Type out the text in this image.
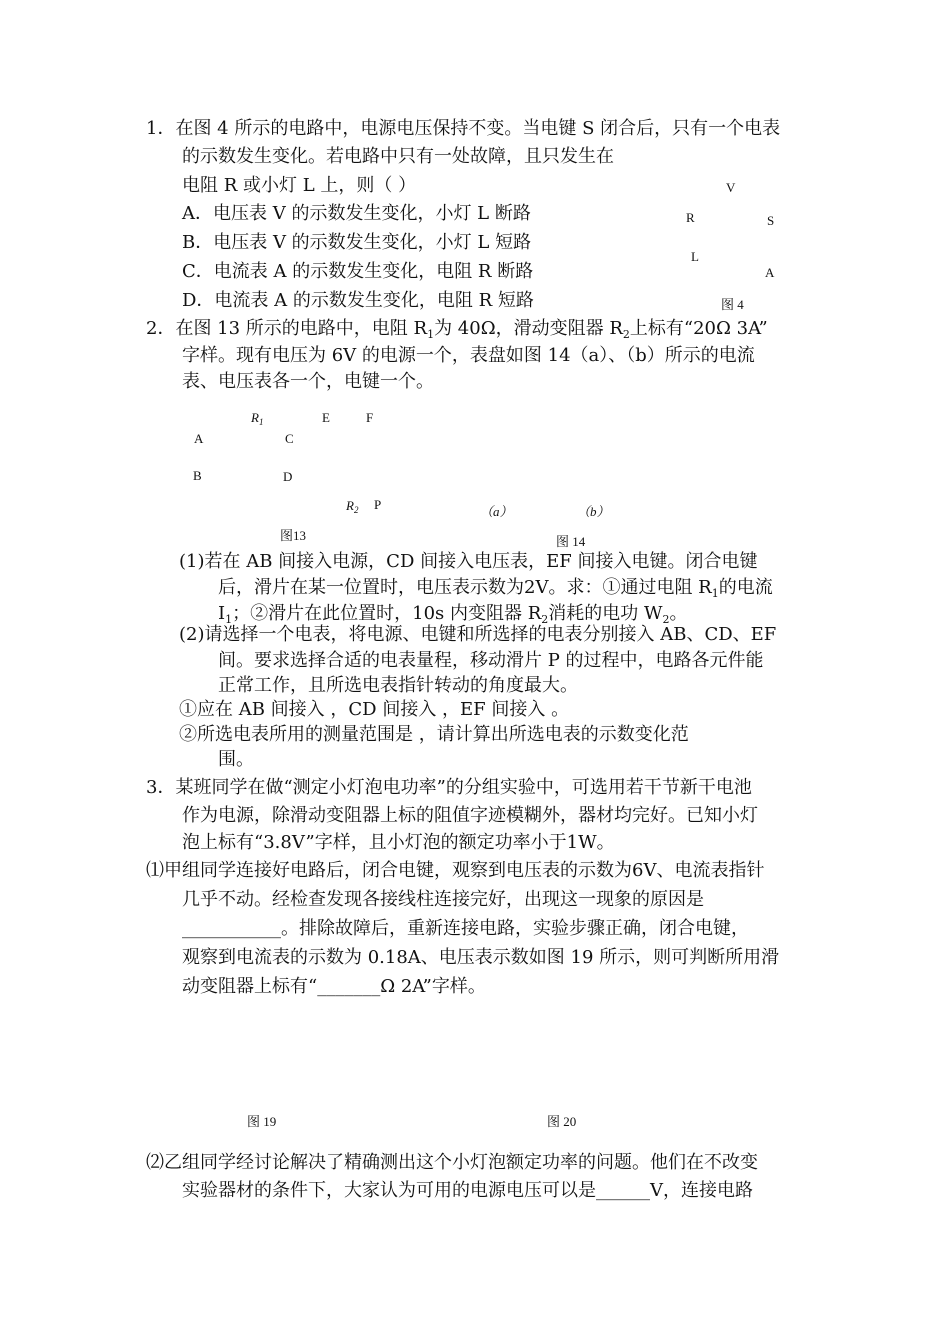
1．在图 4 所示的电路中，电源电压保持不变。当电键 S 闭合后，只有一个电表
的示数发生变化。若电路中只有一处故障，且只发生在
电阻 R 或小灯 L 上，则（ ）
A．电压表 V 的示数发生变化，小灯 L 断路
B．电压表 V 的示数发生变化，小灯 L 短路
C．电流表 A 的示数发生变化，电阻 R 断路
D．电流表 A 的示数发生变化，电阻 R 短路
V
R	S
L
A
图 4
2．在图 13 所示的电路中，电阻 $R_1$为 40Ω，滑动变阻器 $R_2$上标有“20Ω 3A”
字样。现有电压为 6V 的电源一个，表盘如图 14（a）、（b）所示的电流
表、电压表各一个，电键一个。
$R_1$	E	F
A	C
B	D
$R_2$ P
图13
（a）	（b）
图 14
(1)若在 AB 间接入电源，CD 间接入电压表，EF 间接入电键。闭合电键
后，滑片在某一位置时，电压表示数为2V。求：①通过电阻 $R_1$的电流
$I_1$；②滑片在此位置时，10s 内变阻器 $R_2$消耗的电功 $W_2$。
(2)请选择一个电表，将电源、电键和所选择的电表分别接入 AB、CD、EF
间。要求选择合适的电表量程，移动滑片 P 的过程中，电路各元件能
正常工作，且所选电表指针转动的角度最大。
①应在 AB 间接入 ，CD 间接入 ，EF 间接入 。
②所选电表所用的测量范围是 ，请计算出所选电表的示数变化范
围。
3．某班同学在做“测定小灯泡电功率”的分组实验中，可选用若干节新干电池
作为电源，除滑动变阻器上标的阻值字迹模糊外，器材均完好。已知小灯
泡上标有“3.8V”字样，且小灯泡的额定功率小于1W。
⑴甲组同学连接好电路后，闭合电键，观察到电压表的示数为6V、电流表指针
几乎不动。经检查发现各接线柱连接完好，出现这一现象的原因是
___________。排除故障后，重新连接电路，实验步骤正确，闭合电键，
观察到电流表的示数为 0.18A、电压表示数如图 19 所示，则可判断所用滑
动变阻器上标有“_______Ω 2A”字样。
图 19	图 20
⑵乙组同学经讨论解决了精确测出这个小灯泡额定功率的问题。他们在不改变
实验器材的条件下，大家认为可用的电源电压可以是______V，连接电路
